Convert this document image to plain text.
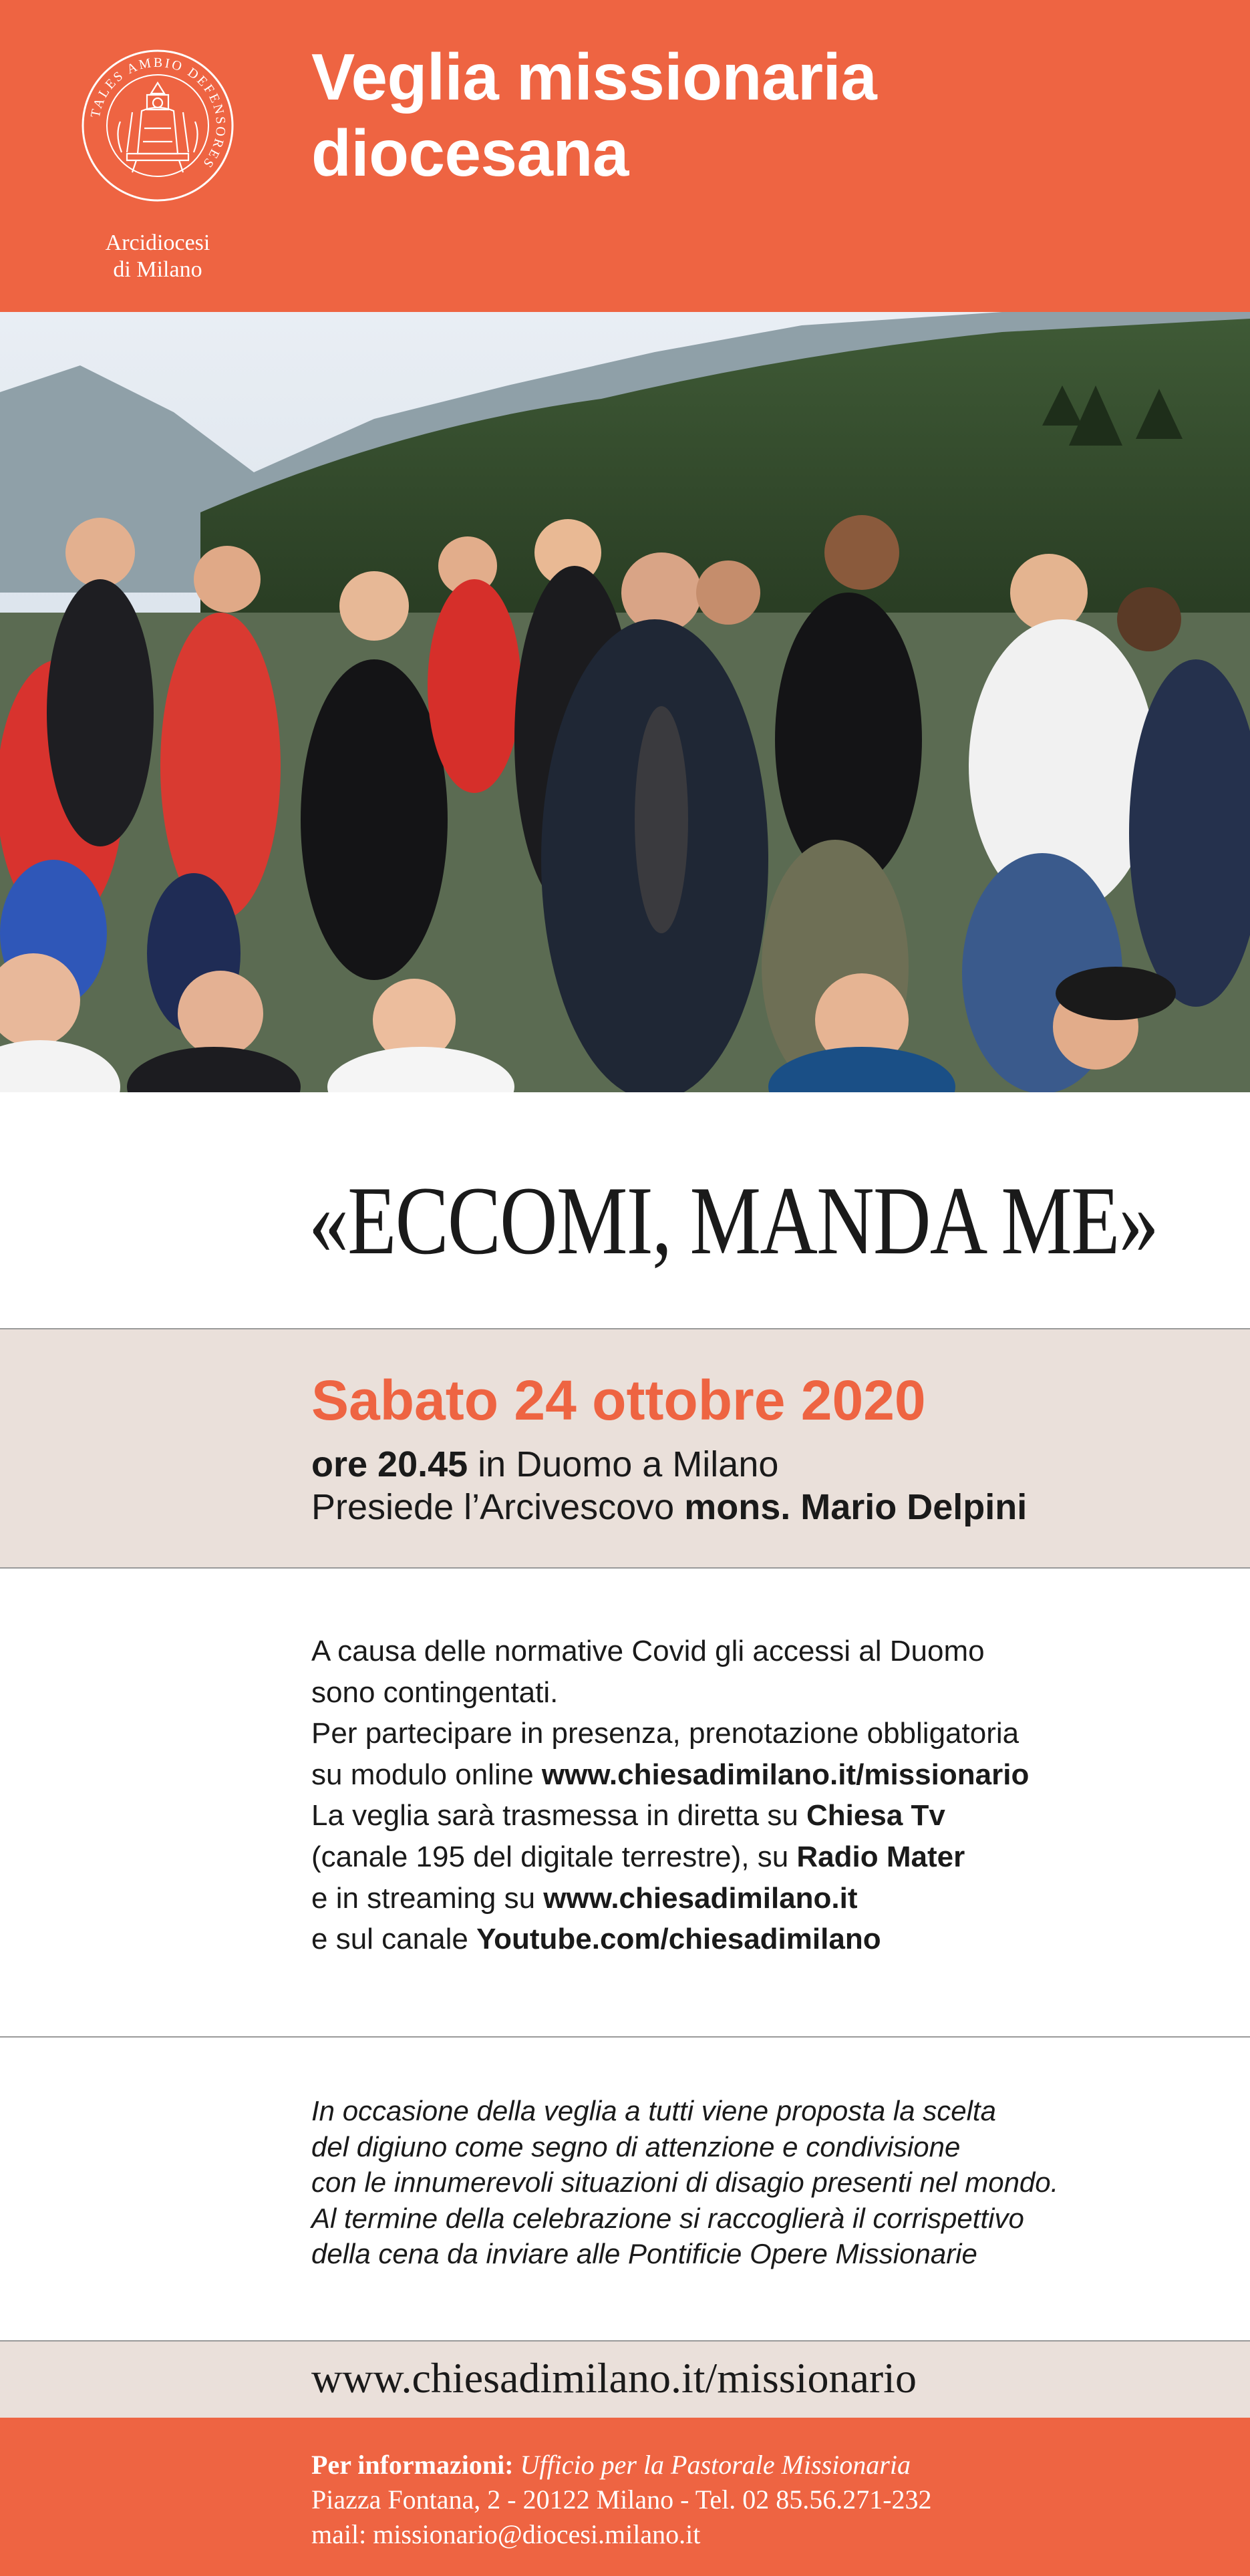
TALES AMBIO DEFENSORES
Arcidiocesi
di Milano
Veglia missionaria
diocesana
«ECCOMI, MANDA ME»
Sabato 24 ottobre 2020
ore 20.45 in Duomo a Milano
Presiede l’Arcivescovo mons. Mario Delpini
A causa delle normative Covid gli accessi al Duomo
sono contingentati.
Per partecipare in presenza, prenotazione obbligatoria
su modulo online www.chiesadimilano.it/missionario
La veglia sarà trasmessa in diretta su Chiesa Tv
(canale 195 del digitale terrestre), su Radio Mater
e in streaming su www.chiesadimilano.it
e sul canale Youtube.com/chiesadimilano
In occasione della veglia a tutti viene proposta la scelta
del digiuno come segno di attenzione e condivisione
con le innumerevoli situazioni di disagio presenti nel mondo.
Al termine della celebrazione si raccoglierà il corrispettivo
della cena da inviare alle Pontificie Opere Missionarie
www.chiesadimilano.it/missionario
Per informazioni: Ufficio per la Pastorale Missionaria
Piazza Fontana, 2 - 20122 Milano - Tel. 02 85.56.271-232
mail: missionario@diocesi.milano.it
